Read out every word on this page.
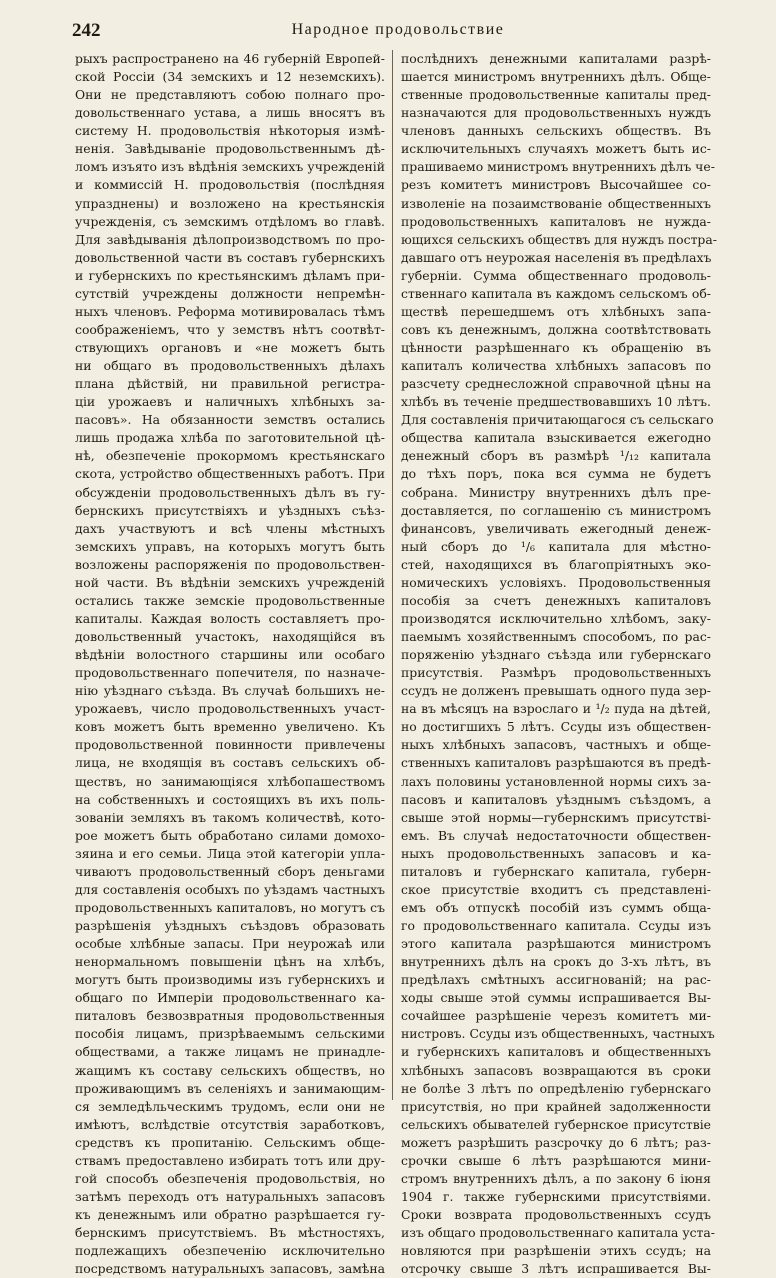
242	Народное продовольствие
рыхъ распространено на 46 губерній Европей-
ской Россіи (34 земскихъ и 12 неземскихъ).
Они не представляютъ собою полнаго про-
довольственнаго устава, а лишь вносятъ въ
систему Н. продовольствія нѣкоторыя измѣ-
ненія. Завѣдываніе продовольственнымъ дѣ-
ломъ изъято изъ вѣдѣнія земскихъ учрежденій
и коммиссій Н. продовольствія (послѣдняя
упразднены) и возложено на крестьянскія
учрежденія, съ земскимъ отдѣломъ во главѣ.
Для завѣдыванія дѣлопроизводствомъ по про-
довольственной части въ составъ губернскихъ
и губернскихъ по крестьянскимъ дѣламъ при-
сутствій учреждены должности непремѣн-
ныхъ членовъ. Реформа мотивировалась тѣмъ
соображеніемъ, что у земствъ нѣтъ соотвѣт-
ствующихъ органовъ и «не можетъ быть
ни общаго въ продовольственныхъ дѣлахъ
плана дѣйствій, ни правильной регистра-
ціи урожаевъ и наличныхъ хлѣбныхъ за-
пасовъ». На обязанности земствъ остались
лишь продажа хлѣба по заготовительной цѣ-
нѣ, обезпеченіе прокормомъ крестьянскаго
скота, устройство общественныхъ работъ. При
обсужденіи продовольственныхъ дѣлъ въ гу-
бернскихъ присутствіяхъ и уѣздныхъ съѣз-
дахъ участвуютъ и всѣ члены мѣстныхъ
земскихъ управъ, на которыхъ могутъ быть
возложены распоряженія по продовольствен-
ной части. Въ вѣдѣніи земскихъ учрежденій
остались также земскіе продовольственные
капиталы. Каждая волость составляетъ про-
довольственный участокъ, находящійся въ
вѣдѣніи волостного старшины или особаго
продовольственнаго попечителя, по назначе-
нію уѣзднаго съѣзда. Въ случаѣ большихъ не-
урожаевъ, число продовольственныхъ участ-
ковъ можетъ быть временно увеличено. Къ
продовольственной повинности привлечены
лица, не входящія въ составъ сельскихъ об-
ществъ, но занимающіяся хлѣбопашествомъ
на собственныхъ и состоящихъ въ ихъ поль-
зованіи земляхъ въ такомъ количествѣ, кото-
рое можетъ быть обработано силами домохо-
зяина и его семьи. Лица этой категоріи упла-
чиваютъ продовольственный сборъ деньгами
для составленія особыхъ по уѣздамъ частныхъ
продовольственныхъ капиталовъ, но могутъ съ
разрѣшенія уѣздныхъ съѣздовъ образовать
особые хлѣбные запасы. При неурожаѣ или
ненормальномъ повышеніи цѣнъ на хлѣбъ,
могутъ быть производимы изъ губернскихъ и
общаго по Имперіи продовольственнаго ка-
питаловъ безвозвратныя продовольственныя
пособія лицамъ, призрѣваемымъ сельскими
обществами, а также лицамъ не принадле-
жащимъ къ составу сельскихъ обществъ, но
проживающимъ въ селеніяхъ и занимающим-
ся земледѣльческимъ трудомъ, если они не
имѣютъ, вслѣдствіе отсутствія заработковъ,
средствъ къ пропитанію. Сельскимъ обще-
ствамъ предоставлено избирать тотъ или дру-
гой способъ обезпеченія продовольствія, но
затѣмъ переходъ отъ натуральныхъ запасовъ
къ денежнымъ или обратно разрѣшается гу-
бернскимъ присутствіемъ. Въ мѣстностяхъ,
подлежащихъ обезпеченію исключительно
посредствомъ натуральныхъ запасовъ, замѣна
послѣднихъ денежными капиталами разрѣ-
шается министромъ внутреннихъ дѣлъ. Обще-
ственные продовольственные капиталы пред-
назначаются для продовольственныхъ нуждъ
членовъ данныхъ сельскихъ обществъ. Въ
исключительныхъ случаяхъ можетъ быть ис-
прашиваемо министромъ внутреннихъ дѣлъ че-
резъ комитетъ министровъ Высочайшее со-
изволеніе на позаимствованіе общественныхъ
продовольственныхъ капиталовъ не нужда-
ющихся сельскихъ обществъ для нуждъ постра-
давшаго отъ неурожая населенія въ предѣлахъ
губерніи. Сумма общественнаго продоволь-
ственнаго капитала въ каждомъ сельскомъ об-
ществѣ перешедшемъ отъ хлѣбныхъ запа-
совъ къ денежнымъ, должна соотвѣтствовать
цѣнности разрѣшеннаго къ обращенію въ
капиталъ количества хлѣбныхъ запасовъ по
разсчету среднесложной справочной цѣны на
хлѣбъ въ теченіе предшествовавшихъ 10 лѣтъ.
Для составленія причитающагося съ сельскаго
общества капитала взыскивается ежегодно
денежный сборъ въ размѣрѣ ¹/₁₂ капитала
до тѣхъ поръ, пока вся сумма не будетъ
собрана. Министру внутреннихъ дѣлъ пре-
доставляется, по соглашенію съ министромъ
финансовъ, увеличивать ежегодный денеж-
ный сборъ до ¹/₆ капитала для мѣстно-
стей, находящихся въ благопріятныхъ эко-
номическихъ условіяхъ. Продовольственныя
пособія за счетъ денежныхъ капиталовъ
производятся исключительно хлѣбомъ, заку-
паемымъ хозяйственнымъ способомъ, по рас-
поряженію уѣзднаго съѣзда или губернскаго
присутствія. Размѣръ продовольственныхъ
ссудъ не долженъ превышать одного пуда зер-
на въ мѣсяцъ на взрослаго и ¹/₂ пуда на дѣтей,
но достигшихъ 5 лѣтъ. Ссуды изъ обществен-
ныхъ хлѣбныхъ запасовъ, частныхъ и обще-
ственныхъ капиталовъ разрѣшаются въ предѣ-
лахъ половины установленной нормы сихъ за-
пасовъ и капиталовъ уѣзднымъ съѣздомъ, а
свыше этой нормы—губернскимъ присутстві-
емъ. Въ случаѣ недостаточности обществен-
ныхъ продовольственныхъ запасовъ и ка-
питаловъ и губернскаго капитала, губерн-
ское присутствіе входитъ съ представлені-
емъ объ отпускѣ пособій изъ суммъ обща-
го продовольственнаго капитала. Ссуды изъ
этого капитала разрѣшаются министромъ
внутреннихъ дѣлъ на срокъ до 3-хъ лѣтъ, въ
предѣлахъ смѣтныхъ ассигнованій; на рас-
ходы свыше этой суммы испрашивается Вы-
сочайшее разрѣшеніе черезъ комитетъ ми-
нистровъ. Ссуды изъ общественныхъ, частныхъ
и губернскихъ капиталовъ и общественныхъ
хлѣбныхъ запасовъ возвращаются въ сроки
не болѣе 3 лѣтъ по опредѣленію губернскаго
присутствія, но при крайней задолженности
сельскихъ обывателей губернское присутствіе
можетъ разрѣшить разсрочку до 6 лѣтъ; раз-
срочки свыше 6 лѣтъ разрѣшаются мини-
стромъ внутреннихъ дѣлъ, а по закону 6 іюня
1904 г. также губернскими присутствіями.
Сроки возврата продовольственныхъ ссудъ
изъ общаго продовольственнаго капитала уста-
новляются при разрѣшеніи этихъ ссудъ; на
отсрочку свыше 3 лѣтъ испрашивается Вы-
